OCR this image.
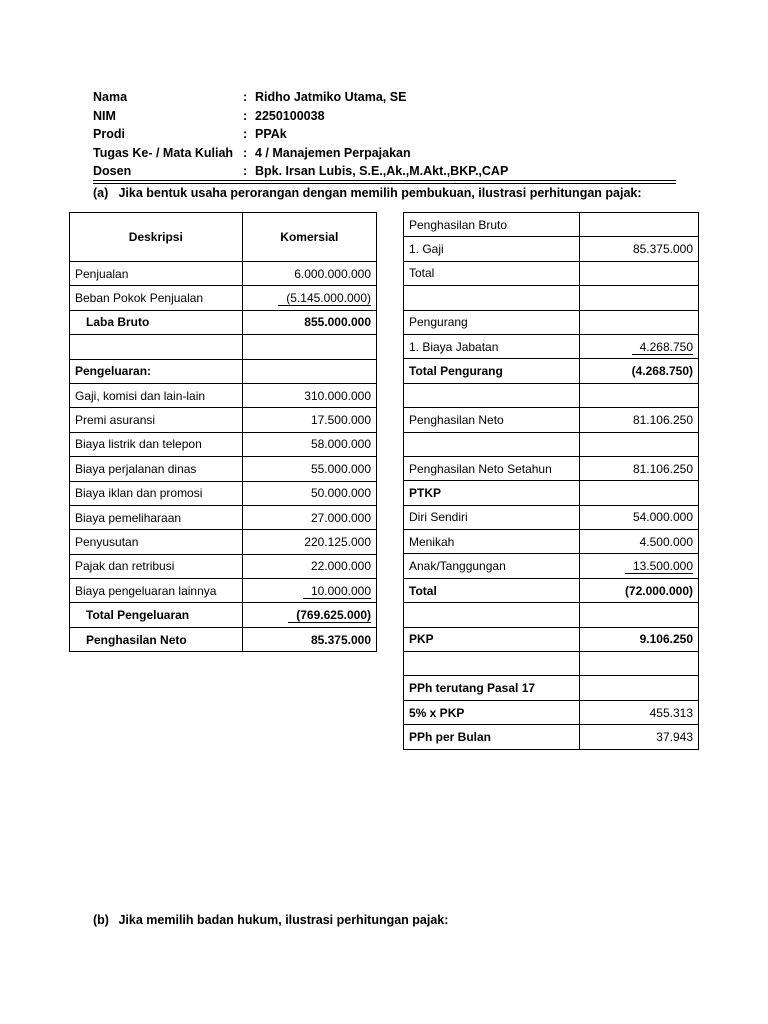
Nama	: Ridho Jatmiko Utama, SE
NIM	: 2250100038
Prodi	: PPAk
Tugas Ke- / Mata Kuliah : 4 / Manajemen Perpajakan
Dosen	: Bpk. Irsan Lubis, S.E.,Ak.,M.Akt.,BKP.,CAP
(a) Jika bentuk usaha perorangan dengan memilih pembukuan, ilustrasi perhitungan pajak:
Deskripsi	Komersial
Penjualan	6.000.000.000
Beban Pokok Penjualan	(5.145.000.000)
Laba Bruto	855.000.000

Pengeluaran:	
Gaji, komisi dan lain-lain	310.000.000
Premi asuransi	17.500.000
Biaya listrik dan telepon	58.000.000
Biaya perjalanan dinas	55.000.000
Biaya iklan dan promosi	50.000.000
Biaya pemeliharaan	27.000.000
Penyusutan	220.125.000
Pajak dan retribusi	22.000.000
Biaya pengeluaran lainnya	10.000.000
Total Pengeluaran	(769.625.000)
Penghasilan Neto	85.375.000
Penghasilan Bruto	
1. Gaji	85.375.000
Total	

Pengurang	
1. Biaya Jabatan	4.268.750
Total Pengurang	(4.268.750)

Penghasilan Neto	81.106.250

Penghasilan Neto Setahun	81.106.250
PTKP	
Diri Sendiri	54.000.000
Menikah	4.500.000
Anak/Tanggungan	13.500.000
Total	(72.000.000)

PKP	9.106.250

PPh terutang Pasal 17	
5% x PKP	455.313
PPh per Bulan	37.943
(b) Jika memilih badan hukum, ilustrasi perhitungan pajak:
